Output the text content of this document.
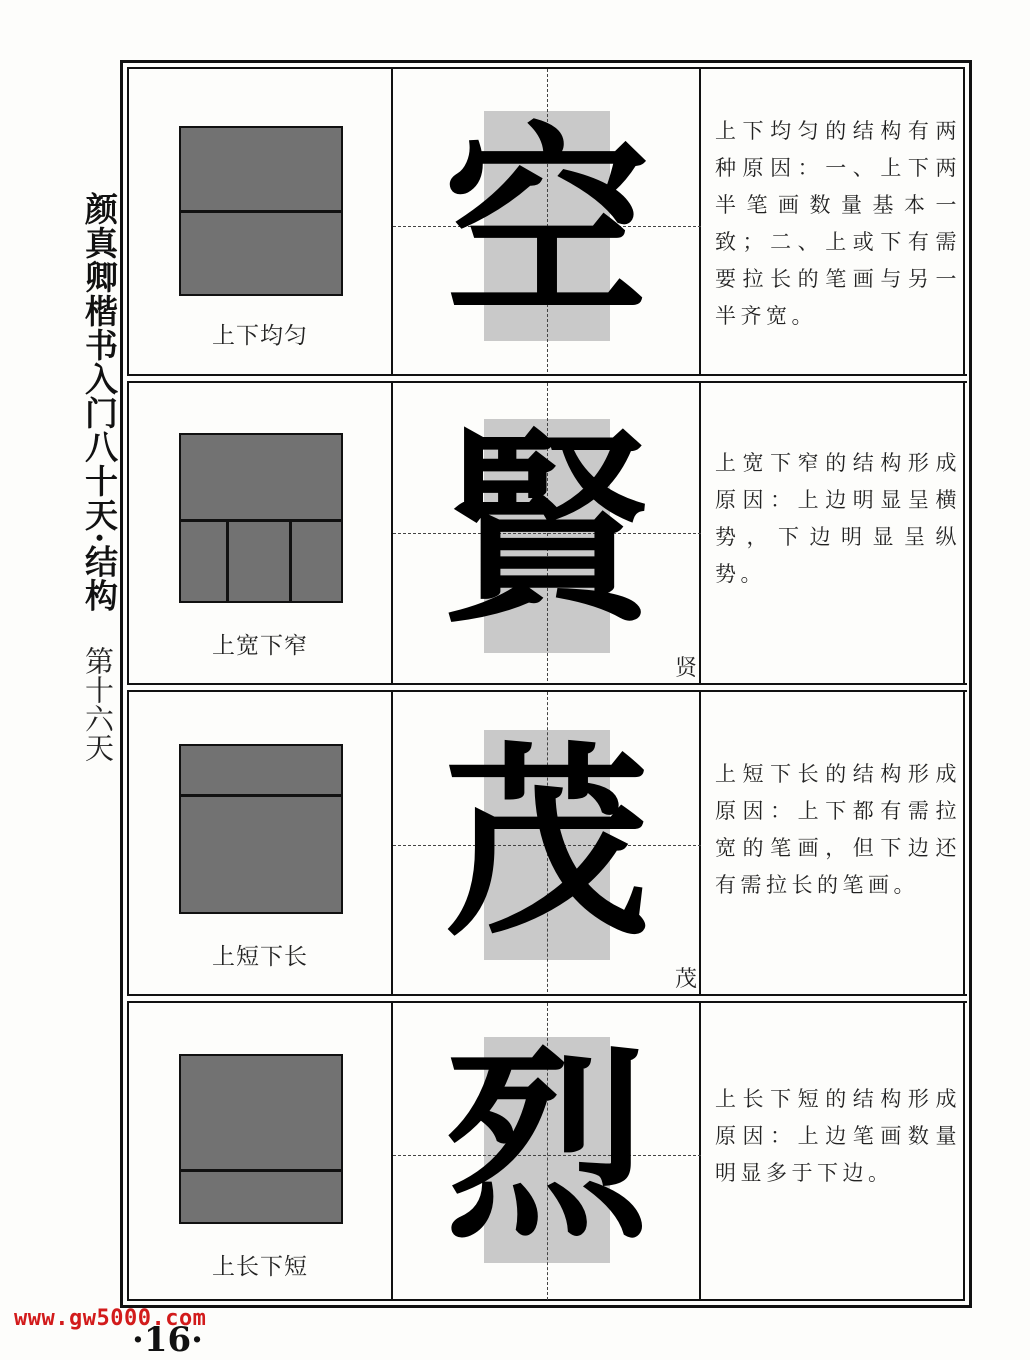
颜真卿楷书入门八十天·结构
第十六天
上下均匀 空	上下均匀的结构有两种原因：一、上下两半笔画数量基本一致；二、上或下有需要拉长的笔画与另一半齐宽。
上宽下窄 賢
贤
上宽下窄的结构形成原因：上边明显呈横势，下边明显呈纵势。
上短下长 茂
茂
上短下长的结构形成原因：上下都有需拉宽的笔画，但下边还有需拉长的笔画。
上长下短 烈	上长下短的结构形成原因：上边笔画数量明显多于下边。
www.gw5000.com
·16·
